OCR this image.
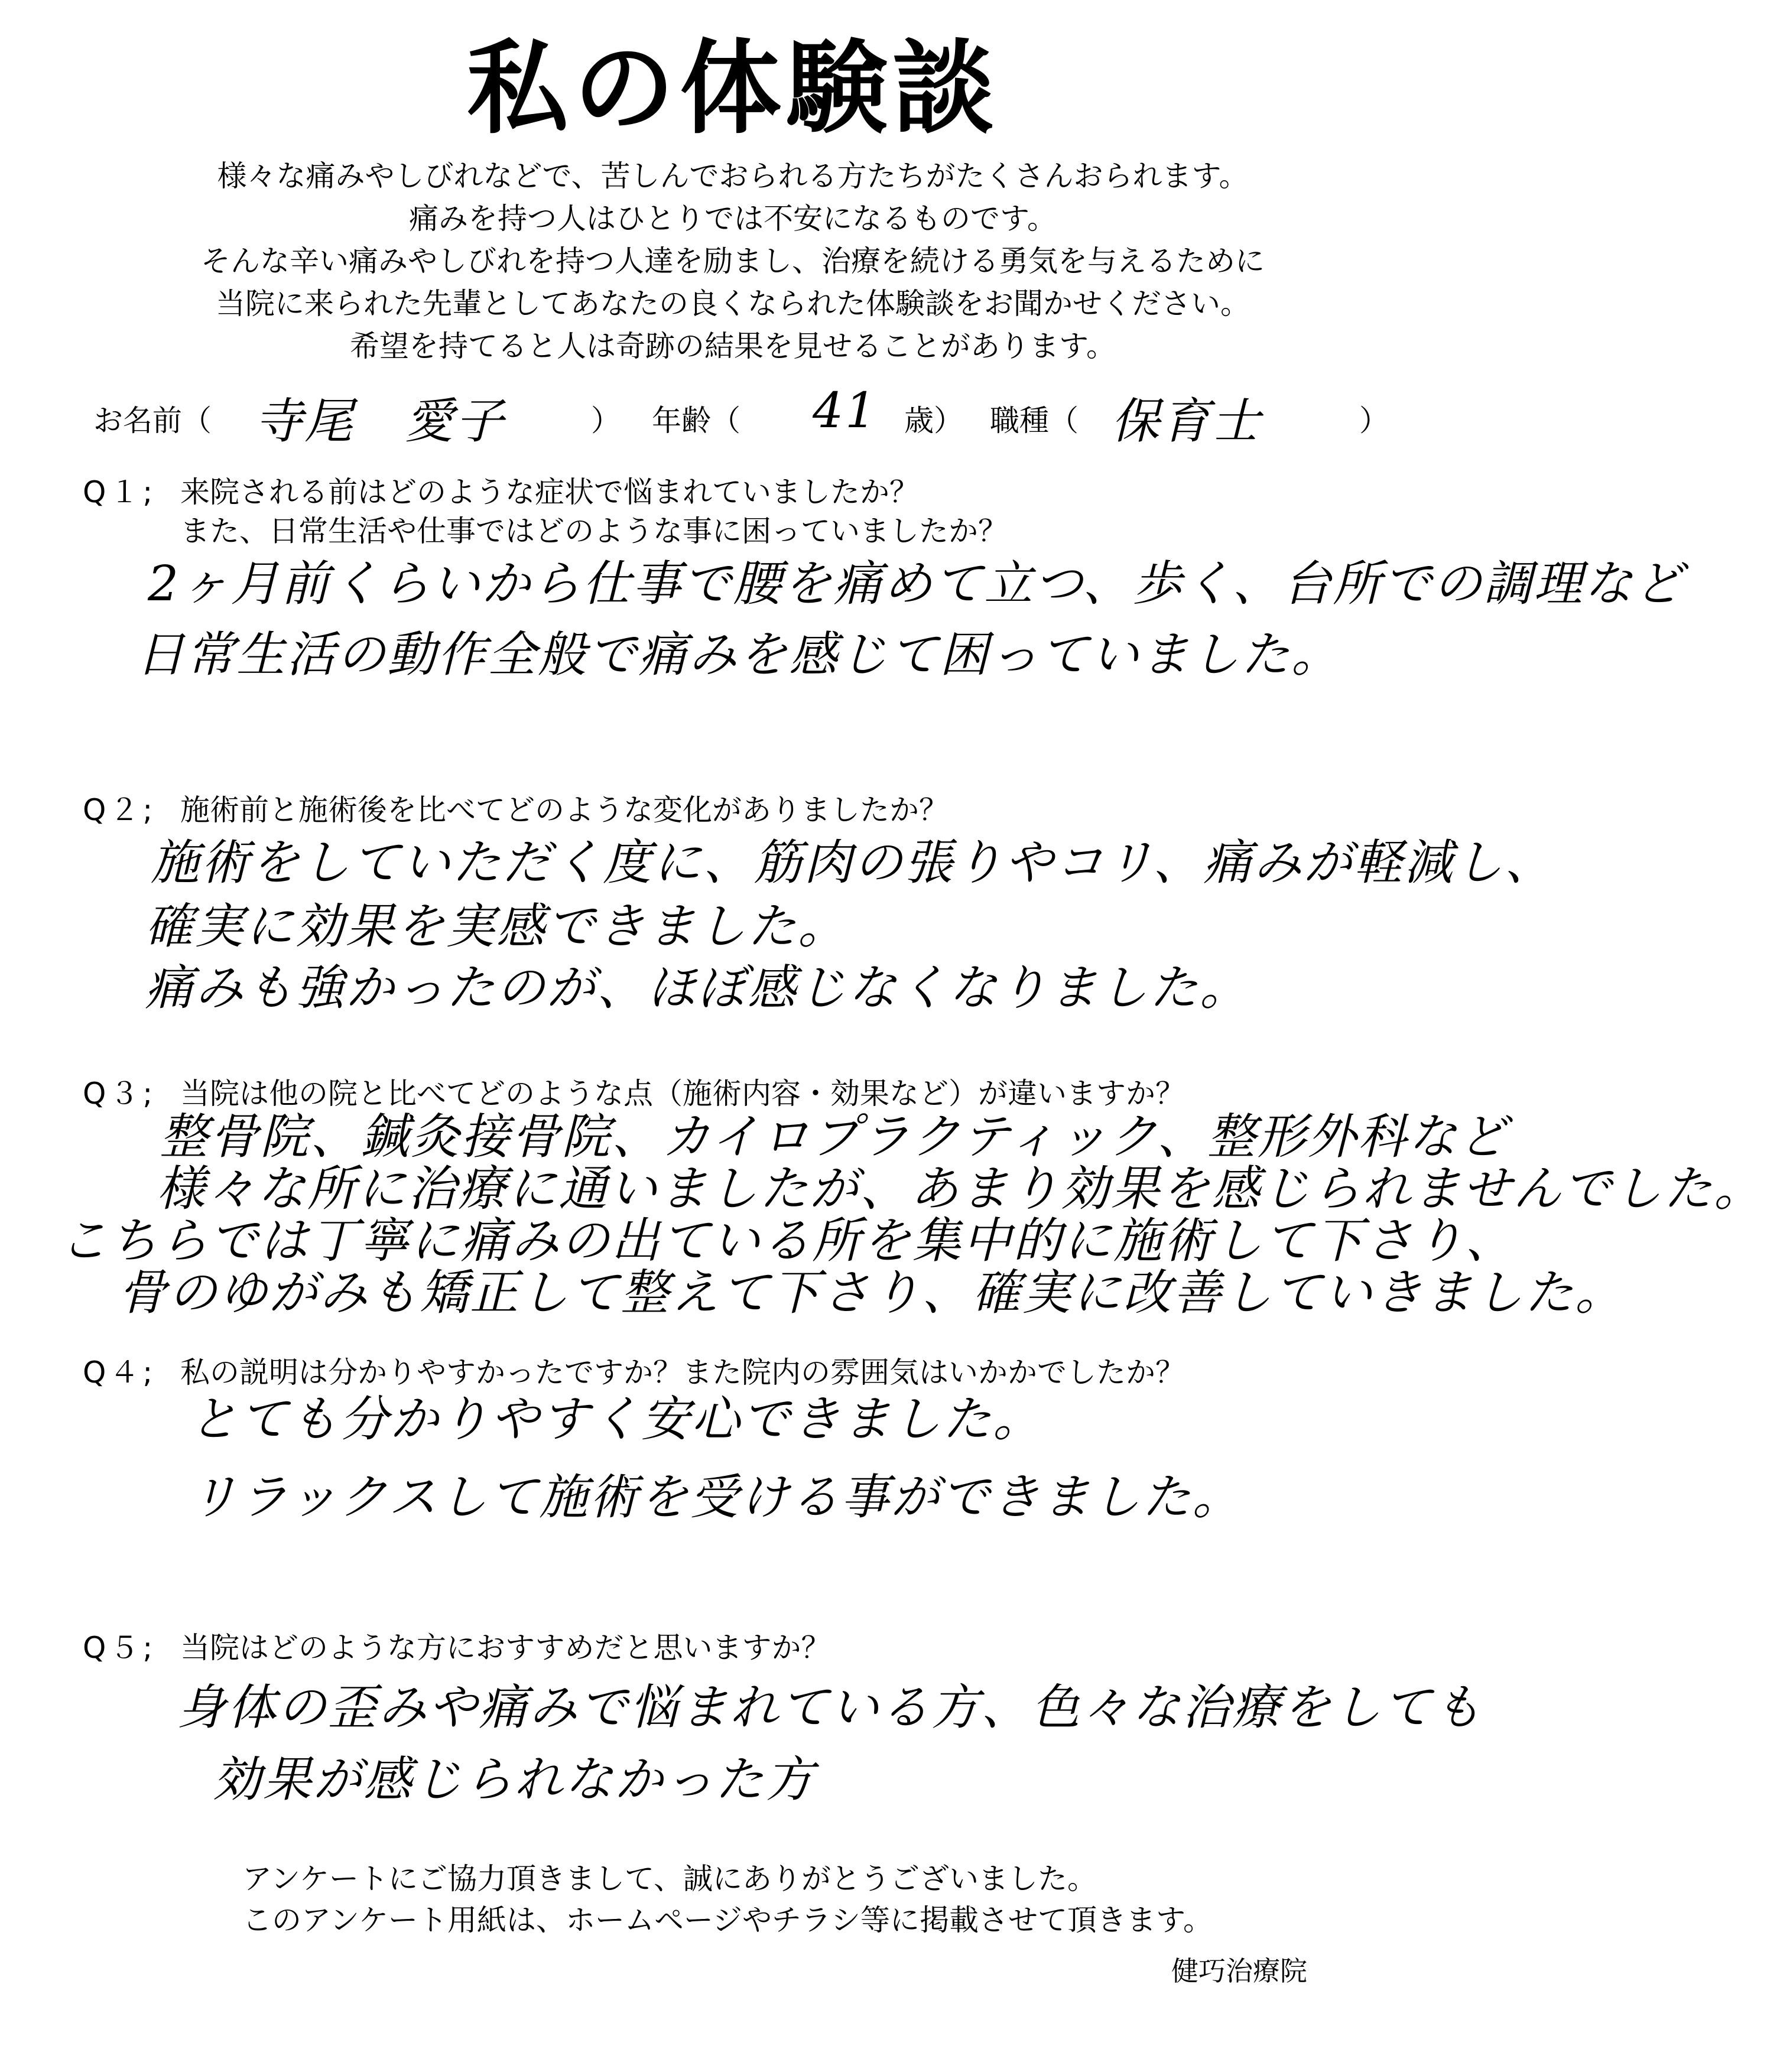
私の体験談
様々な痛みやしびれなどで、苦しんでおられる方たちがたくさんおられます。
痛みを持つ人はひとりでは不安になるものです。
そんな辛い痛みやしびれを持つ人達を励まし、治療を続ける勇気を与えるために
当院に来られた先輩としてあなたの良くなられた体験談をお聞かせください。
希望を持てると人は奇跡の結果を見せることがあります。
お名前（ 寺尾　愛子	） 年齢（ 41 歳） 職種（ 保育士	）
Q１; 来院される前はどのような症状で悩まれていましたか？
また、日常生活や仕事ではどのような事に困っていましたか？
2ヶ月前くらいから仕事で腰を痛めて立つ、歩く、台所での調理など
日常生活の動作全般で痛みを感じて困っていました。
Q２; 施術前と施術後を比べてどのような変化がありましたか？
施術をしていただく度に、筋肉の張りやコリ、痛みが軽減し、
確実に効果を実感できました。
痛みも強かったのが、ほぼ感じなくなりました。
Q３; 当院は他の院と比べてどのような点（施術内容・効果など）が違いますか？
整骨院、鍼灸接骨院、カイロプラクティック、整形外科など
様々な所に治療に通いましたが、あまり効果を感じられませんでした。
こちらでは丁寧に痛みの出ている所を集中的に施術して下さり、
骨のゆがみも矯正して整えて下さり、確実に改善していきました。
Q４; 私の説明は分かりやすかったですか？また院内の雰囲気はいかかでしたか？
とても分かりやすく安心できました。
リラックスして施術を受ける事ができました。
Q５; 当院はどのような方におすすめだと思いますか？
身体の歪みや痛みで悩まれている方、色々な治療をしても
効果が感じられなかった方
アンケートにご協力頂きまして、誠にありがとうございました。
このアンケート用紙は、ホームページやチラシ等に掲載させて頂きます。
健巧治療院
